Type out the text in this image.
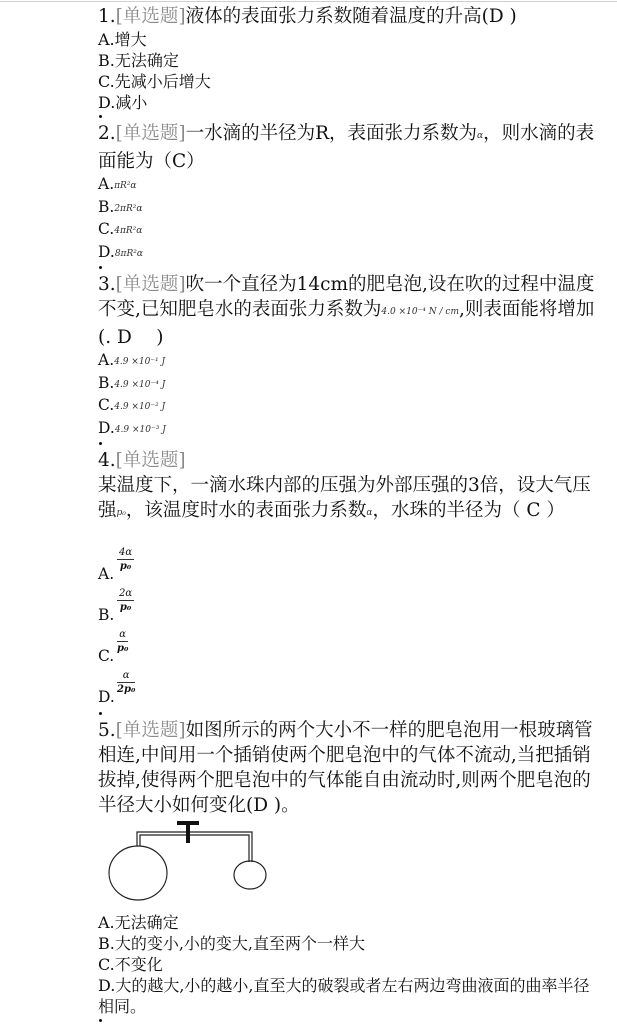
1.[单选题]液体的表面张力系数随着温度的升高(D )
A.增大
B.无法确定
C.先减小后增大
D.减小
2.[单选题]一水滴的半径为R，表面张力系数为α，则水滴的表面能为（C）
A.πR²α
B.2πR²α
C.4πR²α
D.8πR²α
3.[单选题]吹一个直径为14cm的肥皂泡,设在吹的过程中温度不变,已知肥皂水的表面张力系数为4.0 ×10⁻⁴ N / cm,则表面能将增加(. D　 )
A.4.9 ×10⁻¹ J
B.4.9 ×10⁻⁴ J
C.4.9 ×10⁻² J
D.4.9 ×10⁻³ J
4.[单选题]
某温度下，一滴水珠内部的压强为外部压强的3倍，设大气压强p₀，该温度时水的表面张力系数α，水珠的半径为（ C ）
A.
4α
p₀
B.
2α
p₀
C.
α
p₀
D.
α
2p₀
5.[单选题]如图所示的两个大小不一样的肥皂泡用一根玻璃管相连,中间用一个插销使两个肥皂泡中的气体不流动,当把插销拔掉,使得两个肥皂泡中的气体能自由流动时,则两个肥皂泡的半径大小如何变化(D )。
A.无法确定
B.大的变小,小的变大,直至两个一样大
C.不变化
D.大的越大,小的越小,直至大的破裂或者左右两边弯曲液面的曲率半径相同。
